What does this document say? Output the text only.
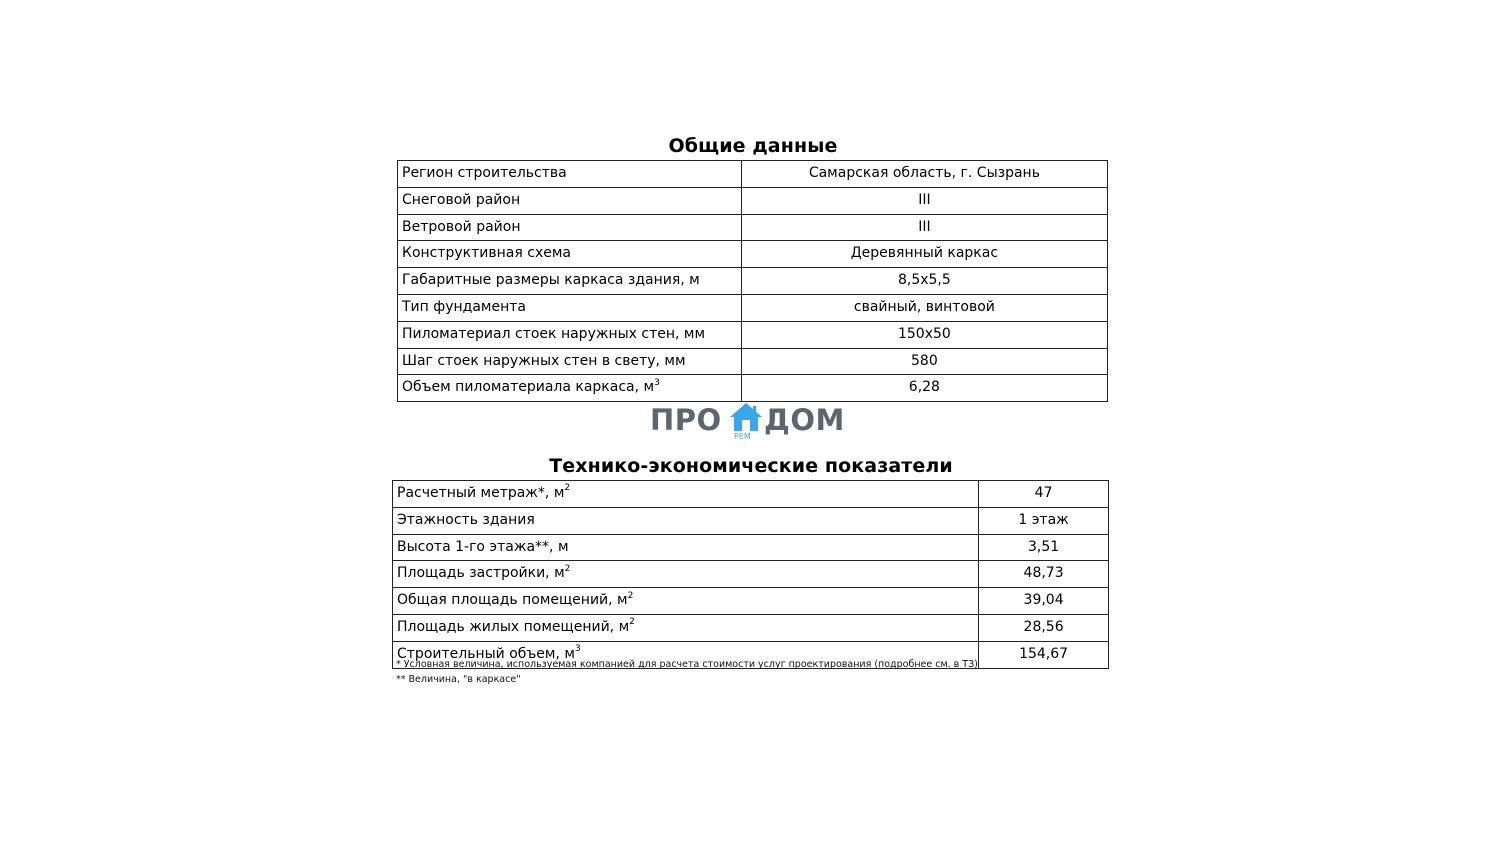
Общие данные
Регион строительства	Самарская область, г. Сызрань
Снеговой район	III
Ветровой район	III
Конструктивная схема	Деревянный каркас
Габаритные размеры каркаса здания, м	8,5x5,5
Тип фундамента	свайный, винтовой
Пиломатериал стоек наружных стен, мм	150x50
Шаг стоек наружных стен в свету, мм	580
Объем пиломатериала каркаса, $м^3$	6,28
ПРО РЕМ ДОМ
Технико-экономические показатели
Расчетный метраж*, $м^2$	47
Этажность здания	1 этаж
Высота 1-го этажа**, м	3,51
Площадь застройки, $м^2$	48,73
Общая площадь помещений, $м^2$	39,04
Площадь жилых помещений, $м^2$	28,56
Строительный объем, $м^3$	154,67
* Условная величина, используемая компанией для расчета стоимости услуг проектирования (подробнее см. в ТЗ)
** Величина, "в каркасе"
